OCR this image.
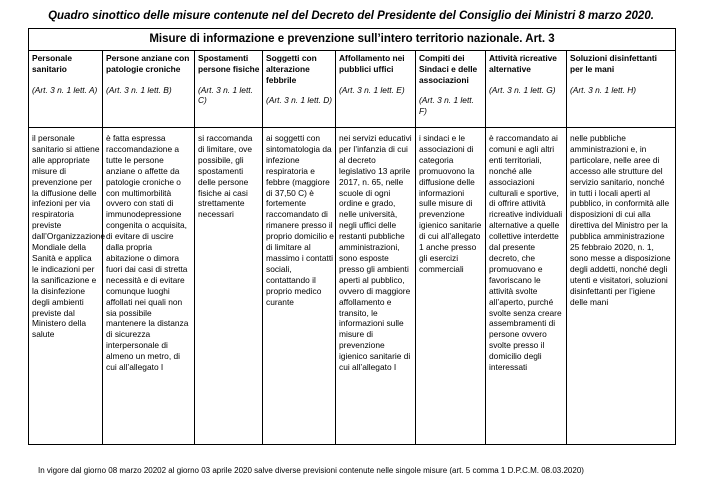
Quadro sinottico delle misure contenute nel del Decreto del Presidente del Consiglio dei Ministri 8 marzo 2020.
Misure di informazione e prevenzione sull’intero territorio nazionale. Art. 3
Personale sanitario
(Art. 3 n. 1 lett. A)
Persone anziane con patologie croniche
(Art. 3 n. 1 lett. B)
Spostamenti persone fisiche
(Art. 3 n. 1 lett. C)
Soggetti con alterazione febbrile
(Art. 3 n. 1 lett. D)
Affollamento nei pubblici uffici
(Art. 3 n. 1 lett. E)
Compiti dei Sindaci e delle associazioni
(Art. 3 n. 1 lett. F)
Attività ricreative alternative
(Art. 3 n. 1 lett. G)
Soluzioni disinfettanti per le mani
(Art. 3 n. 1 lett. H)
il personale sanitario si attiene alle appropriate misure di prevenzione per la diffusione delle infezioni per via respiratoria previste dall’Organizzazione Mondiale della Sanità e applica le indicazioni per la sanificazione e la disinfezione degli ambienti previste dal Ministero della salute
è fatta espressa raccomandazione a tutte le persone anziane o affette da patologie croniche o con multimorbilità ovvero con stati di immunodepressione congenita o acquisita, di evitare di uscire dalla propria abitazione o dimora fuori dai casi di stretta necessità e di evitare comunque luoghi affollati nei quali non sia possibile mantenere la distanza di sicurezza interpersonale di almeno un metro, di cui all’allegato I
si raccomanda di limitare, ove possibile, gli spostamenti delle persone fisiche ai casi strettamente necessari
ai soggetti con sintomatologia da infezione respiratoria e febbre (maggiore di 37,50 C) è fortemente raccomandato di rimanere presso il proprio domicilio e di limitare al massimo i contatti sociali, contattando il proprio medico curante
nei servizi educativi per l’infanzia di cui al decreto legislativo 13 aprile 2017, n. 65, nelle scuole di ogni ordine e grado, nelle università, negli uffici delle restanti pubbliche amministrazioni, sono esposte presso gli ambienti aperti al pubblico, ovvero di maggiore affollamento e transito, le informazioni sulle misure di prevenzione igienico sanitarie di cui all’allegato I
i sindaci e le associazioni di categoria promuovono la diffusione delle informazioni sulle misure di prevenzione igienico sanitarie di cui all’allegato 1 anche presso gli esercizi commerciali
è raccomandato ai comuni e agli altri enti territoriali, nonché alle associazioni culturali e sportive, di offrire attività ricreative individuali alternative a quelle collettive interdette dal presente decreto, che promuovano e favoriscano le attività svolte all’aperto, purché svolte senza creare assembramenti di persone ovvero svolte presso il domicilio degli interessati
nelle pubbliche amministrazioni e, in particolare, nelle aree di accesso alle strutture del servizio sanitario, nonché in tutti i locali aperti al pubblico, in conformità alle disposizioni di cui alla direttiva del Ministro per la pubblica amministrazione 25 febbraio 2020, n. 1, sono messe a disposizione degli addetti, nonché degli utenti e visitatori, soluzioni disinfettanti per l’igiene delle mani
In vigore dal giorno 08 marzo 20202 al giorno 03 aprile 2020 salve diverse previsioni contenute nelle singole misure (art. 5 comma 1 D.P.C.M. 08.03.2020)
